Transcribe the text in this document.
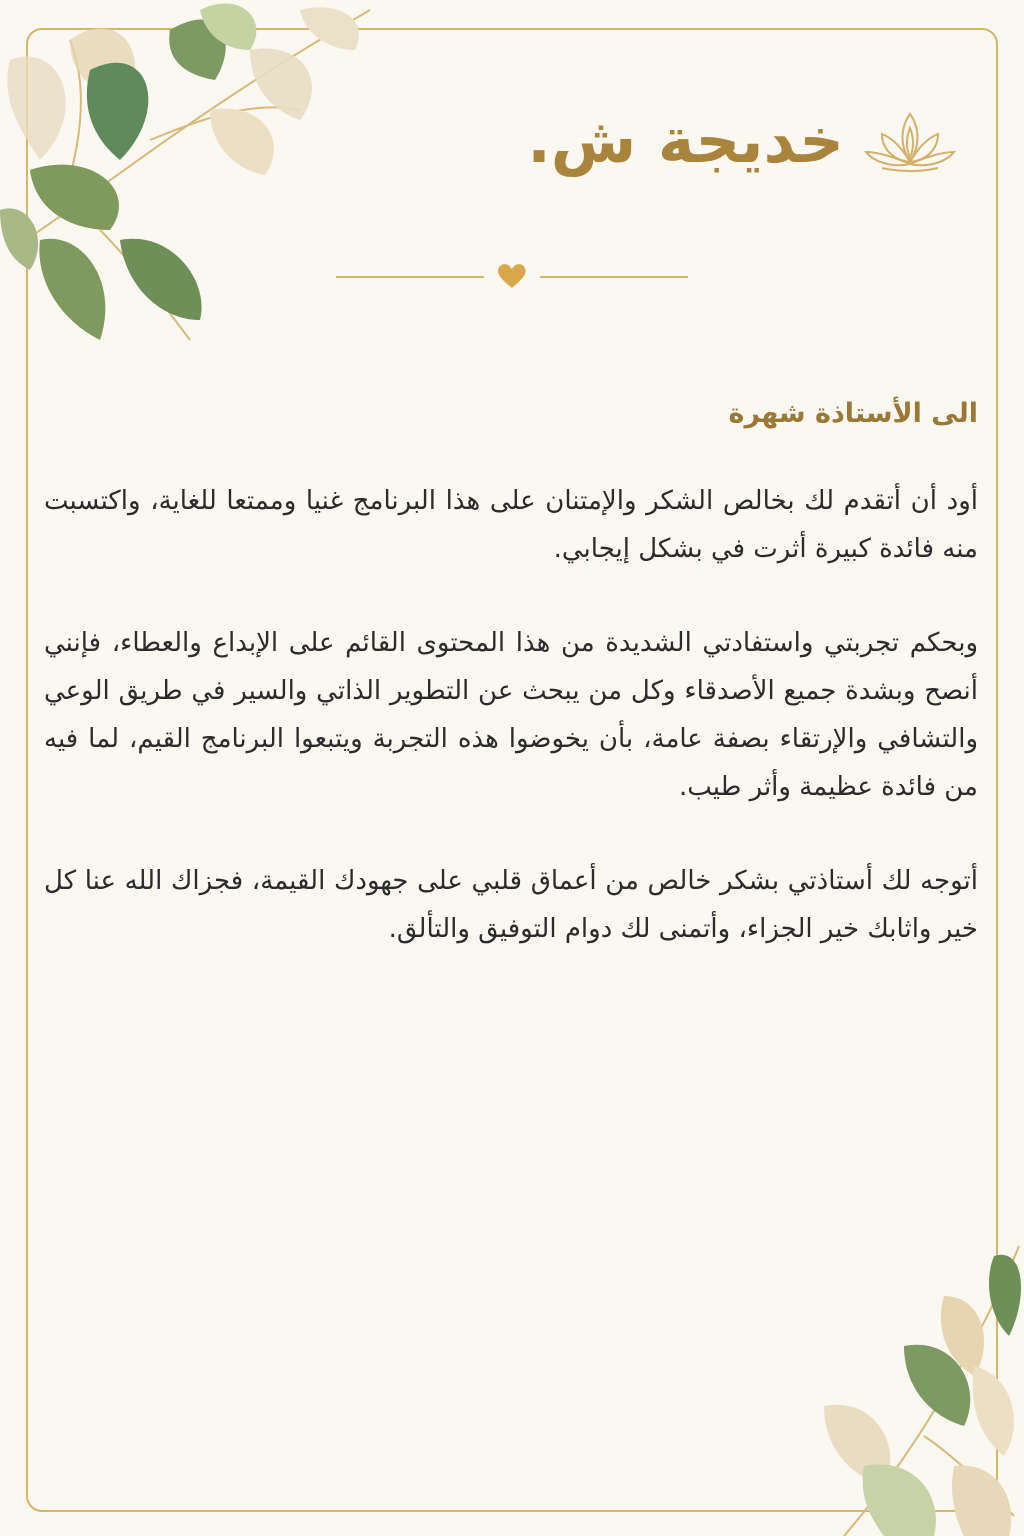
خديجة ش.

الى الأستاذة شهرة

أود أن أتقدم لك بخالص الشكر والإمتنان على هذا البرنامج غنيا وممتعا للغاية، واكتسبت منه فائدة كبيرة أثرت في بشكل إيجابي.

وبحكم تجربتي واستفادتي الشديدة من هذا المحتوى القائم على الإبداع والعطاء، فإنني أنصح وبشدة جميع الأصدقاء وكل من يبحث عن التطوير الذاتي والسير في طريق الوعي والتشافي والإرتقاء بصفة عامة، بأن يخوضوا هذه التجربة ويتبعوا البرنامج القيم، لما فيه من فائدة عظيمة وأثر طيب.

أتوجه لك أستاذتي بشكر خالص من أعماق قلبي على جهودك القيمة، فجزاك الله عنا كل خير واثابك خير الجزاء، وأتمنى لك دوام التوفيق والتألق.
